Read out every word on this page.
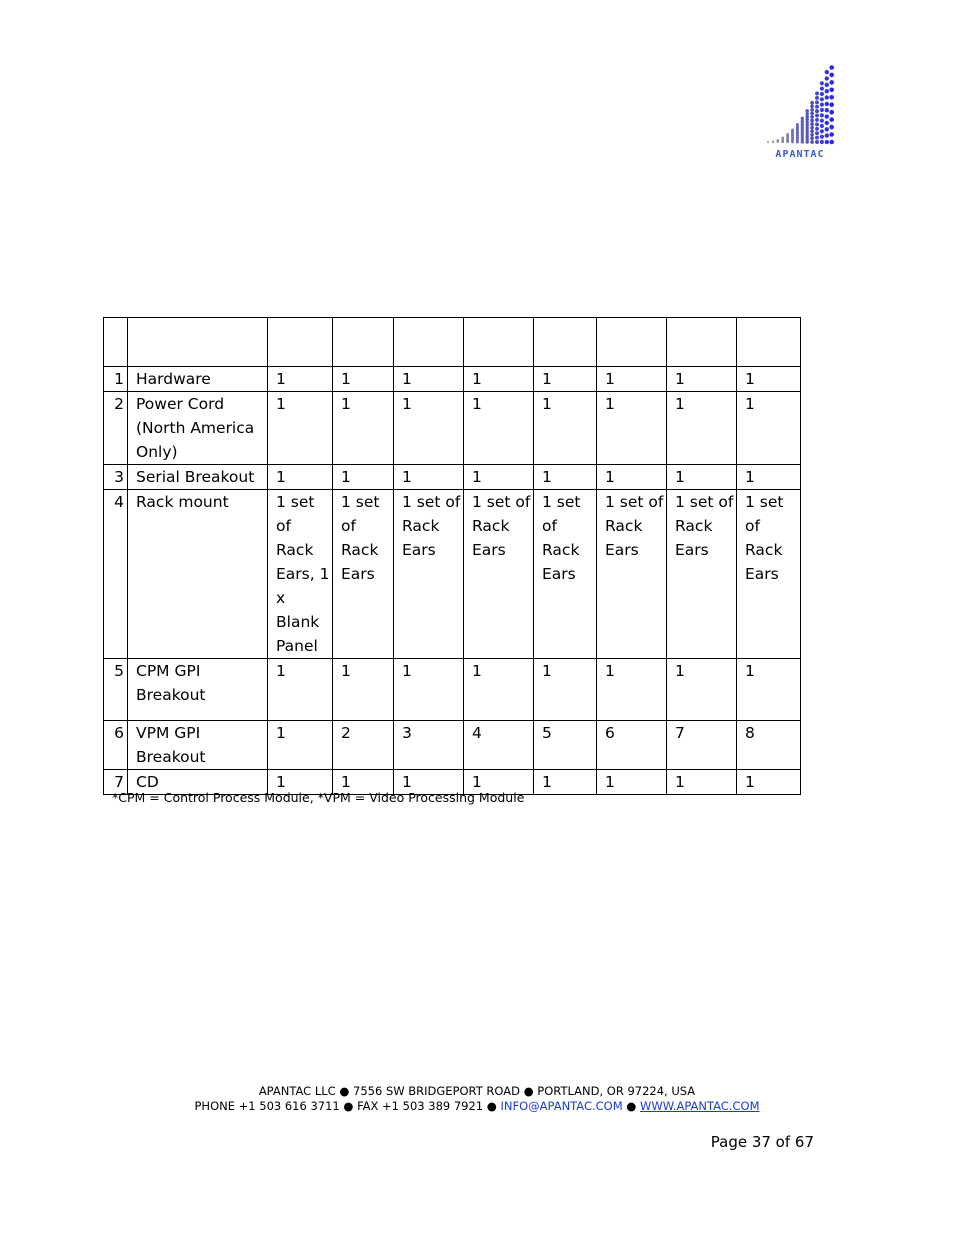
APANTAC

1	Hardware	1	1	1	1	1	1	1	1
2	Power Cord (North America Only)	1	1	1	1	1	1	1	1
3	Serial Breakout	1	1	1	1	1	1	1	1
4	Rack mount	1 set of Rack Ears, 1 x Blank Panel	1 set of Rack Ears	1 set of Rack Ears	1 set of Rack Ears	1 set of Rack Ears	1 set of Rack Ears	1 set of Rack Ears	1 set of Rack Ears
5	CPM GPI Breakout	1	1	1	1	1	1	1	1
6	VPM GPI Breakout	1	2	3	4	5	6	7	8
7	CD	1	1	1	1	1	1	1	1
*CPM = Control Process Module, *VPM = Video Processing Module
APANTAC LLC ● 7556 SW BRIDGEPORT ROAD ● PORTLAND, OR 97224, USA
PHONE +1 503 616 3711 ● FAX +1 503 389 7921 ● INFO@APANTAC.COM ● WWW.APANTAC.COM
Page 37 of 67
